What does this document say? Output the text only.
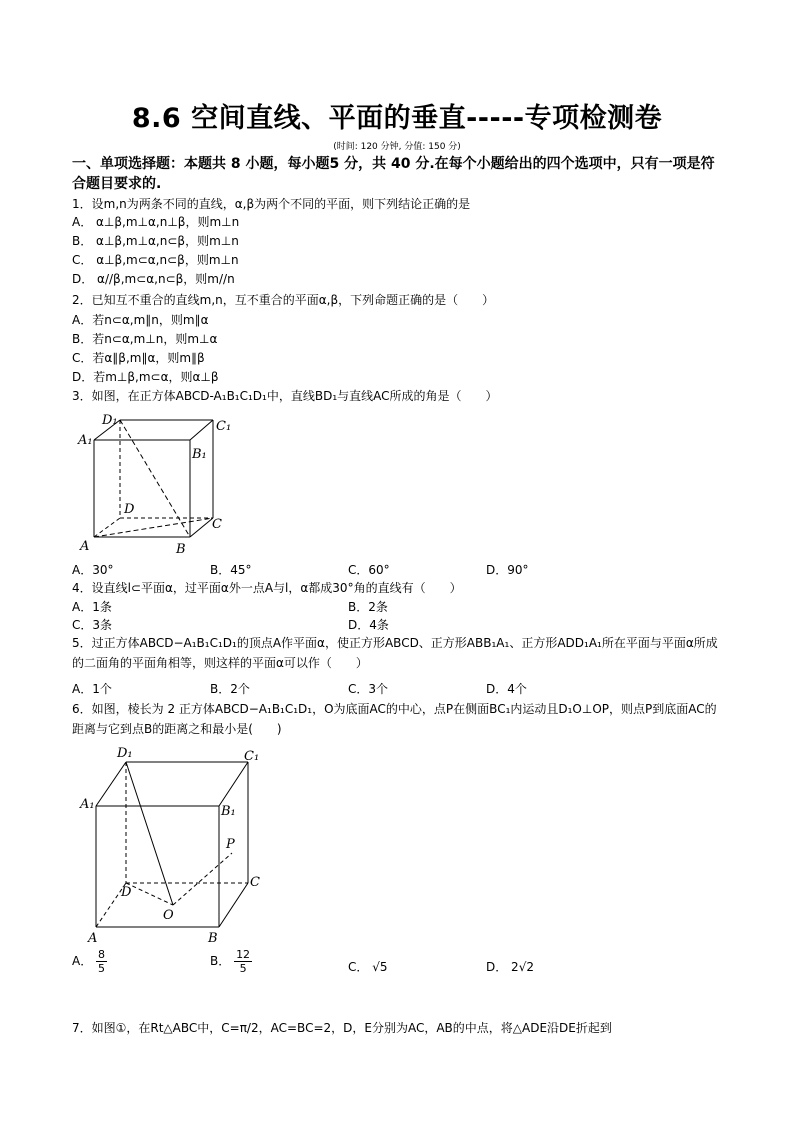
8.6 空间直线、平面的垂直-----专项检测卷
(时间: 120 分钟, 分值: 150 分)
一、单项选择题：本题共 8 小题，每小题5 分，共 40 分.在每个小题给出的四个选项中，只有一项是符合题目要求的.
1．设m,n为两条不同的直线，α,β为两个不同的平面，则下列结论正确的是
A． α⊥β,m⊥α,n⊥β，则m⊥n
B． α⊥β,m⊥α,n⊂β，则m⊥n
C． α⊥β,m⊂α,n⊂β，则m⊥n
D． α//β,m⊂α,n⊂β，则m//n
2．已知互不重合的直线m,n，互不重合的平面α,β，下列命题正确的是（　　）
A．若n⊂α,m∥n，则m∥α
B．若n⊂α,m⊥n，则m⊥α
C．若α∥β,m∥α，则m∥β
D．若m⊥β,m⊂α，则α⊥β
3．如图，在正方体ABCD-A₁B₁C₁D₁中，直线BD₁与直线AC所成的角是（　　）
D₁	C₁
A₁
B₁
D
C
A	B
A．30°	B．45°	C．60°	D．90°
4．设直线l⊂平面α，过平面α外一点A与l，α都成30°角的直线有（　　）
A．1条	B．2条
C．3条	D．4条
5．过正方体ABCD−A₁B₁C₁D₁的顶点A作平面α，使正方形ABCD、正方形ABB₁A₁、正方形ADD₁A₁所在平面与平面α所成的二面角的平面角相等，则这样的平面α可以作（　　）
A．1个	B．2个	C．3个	D．4个
6．如图，棱长为 2 正方体ABCD−A₁B₁C₁D₁，O为底面AC的中心，点P在侧面BC₁内运动且D₁O⊥OP，则点P到底面AC的距离与它到点B的距离之和最小是(　　)
D₁	C₁
A₁	B₁
P
D
C
O
A	B
A． $\frac{8}{5}$	B． $\frac{12}{5}$	C． √5	D． 2√2
7．如图①，在Rt△ABC中，C=π/2，AC=BC=2，D，E分别为AC，AB的中点，将△ADE沿DE折起到
